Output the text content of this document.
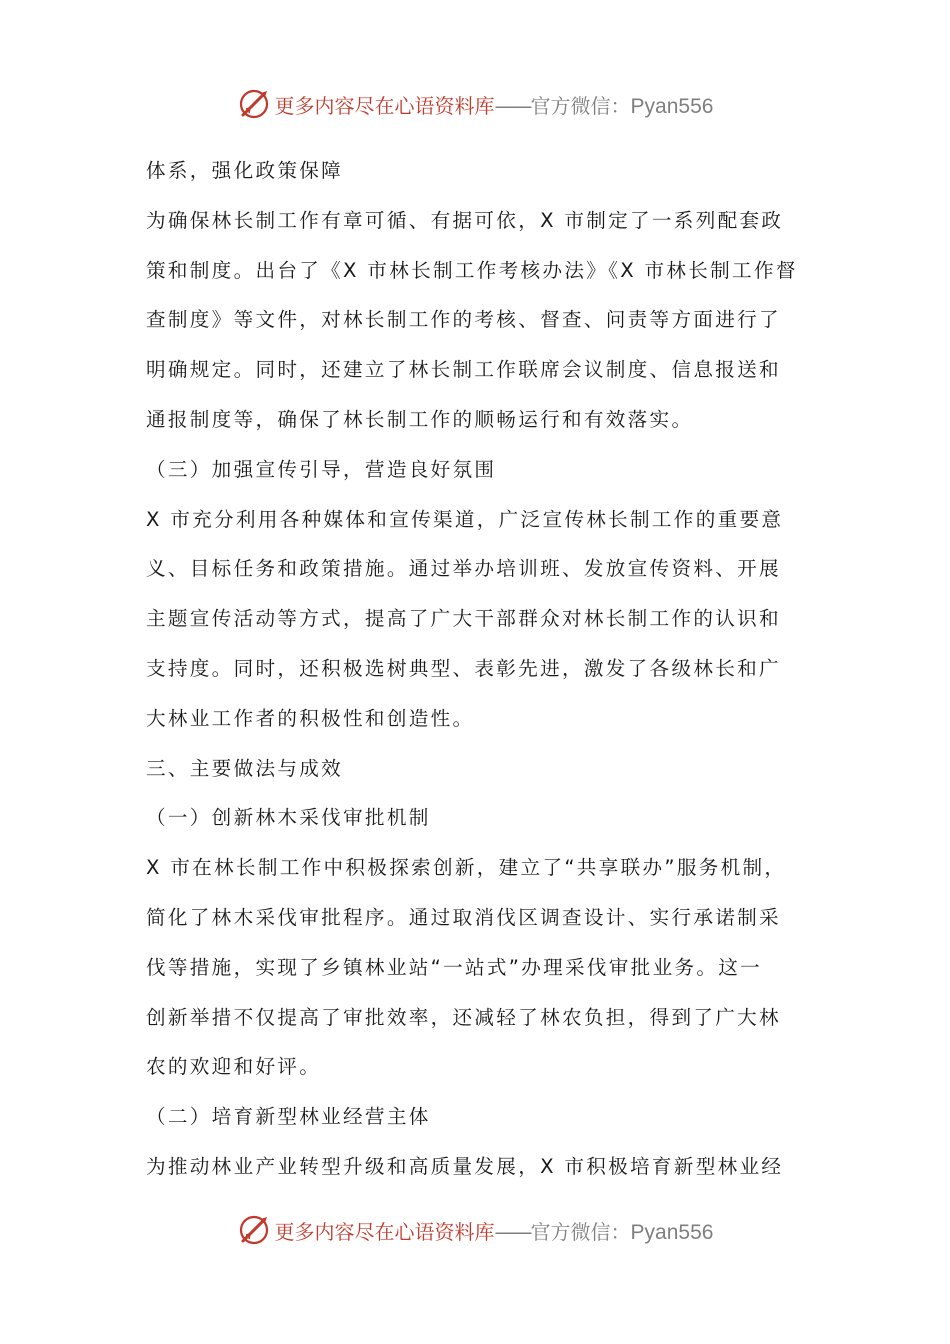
更多内容尽在心语资料库 —— 官方微信： Pyan556
体系，强化政策保障
为确保林长制工作有章可循、有据可依，X 市制定了一系列配套政
策和制度。出台了《X 市林长制工作考核办法》《X 市林长制工作督
查制度》等文件，对林长制工作的考核、督查、问责等方面进行了
明确规定。同时，还建立了林长制工作联席会议制度、信息报送和
通报制度等，确保了林长制工作的顺畅运行和有效落实。
（三）加强宣传引导，营造良好氛围
X 市充分利用各种媒体和宣传渠道，广泛宣传林长制工作的重要意
义、目标任务和政策措施。通过举办培训班、发放宣传资料、开展
主题宣传活动等方式，提高了广大干部群众对林长制工作的认识和
支持度。同时，还积极选树典型、表彰先进，激发了各级林长和广
大林业工作者的积极性和创造性。
三、主要做法与成效
（一）创新林木采伐审批机制
X 市在林长制工作中积极探索创新，建立了“共享联办”服务机制，
简化了林木采伐审批程序。通过取消伐区调查设计、实行承诺制采
伐等措施，实现了乡镇林业站“一站式”办理采伐审批业务。这一
创新举措不仅提高了审批效率，还减轻了林农负担，得到了广大林
农的欢迎和好评。
（二）培育新型林业经营主体
为推动林业产业转型升级和高质量发展，X 市积极培育新型林业经
更多内容尽在心语资料库 —— 官方微信： Pyan556
